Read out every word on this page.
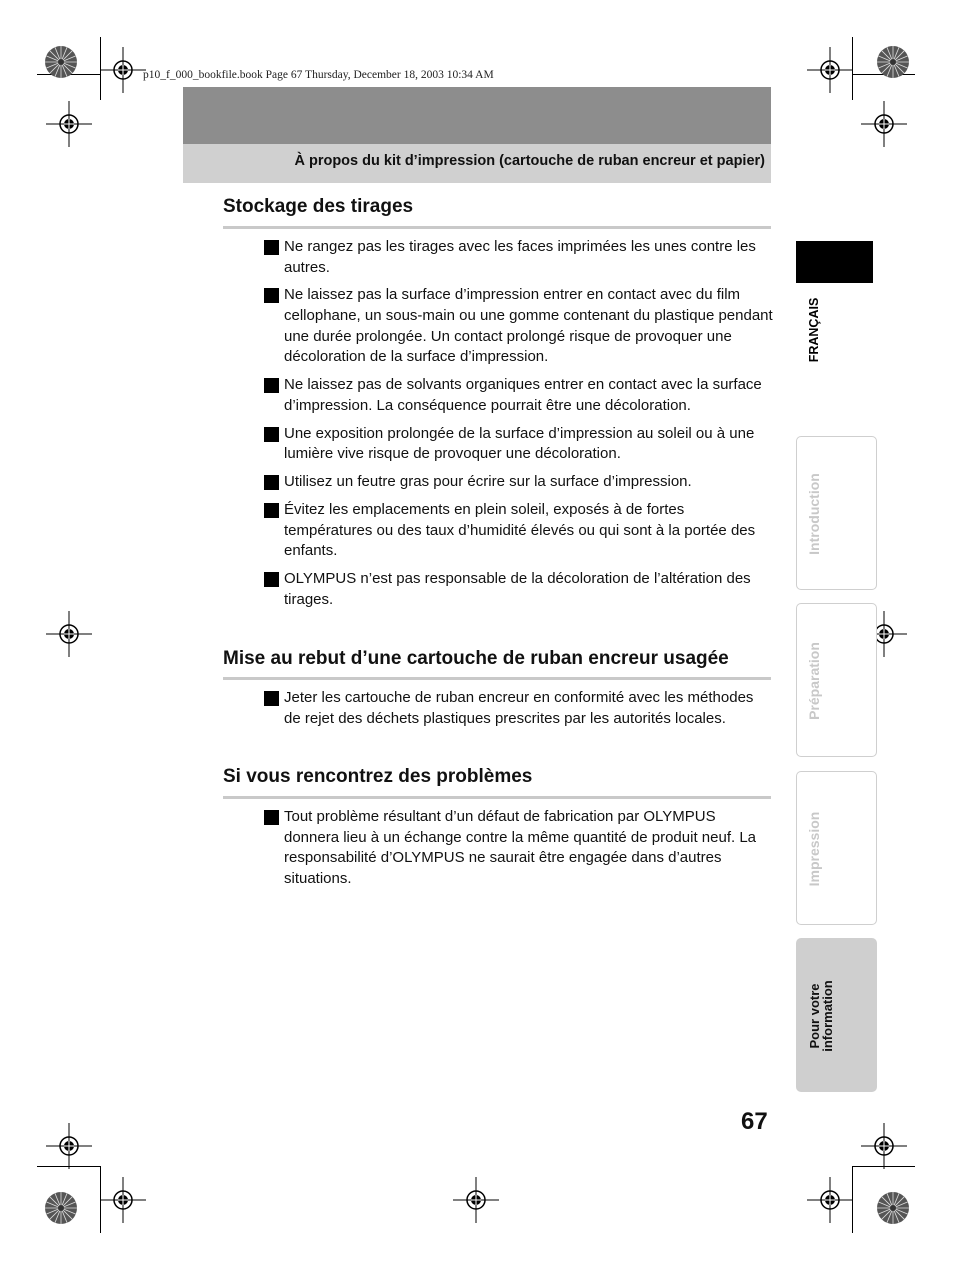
p10_f_000_bookfile.book Page 67 Thursday, December 18, 2003 10:34 AM
À propos du kit d’impression (cartouche de ruban encreur et papier)
Stockage des tirages
Ne rangez pas les tirages avec les faces imprimées les unes contre les autres.
Ne laissez pas la surface d’impression entrer en contact avec du film cellophane, un sous-main ou une gomme contenant du plastique pendant une durée prolongée. Un contact prolongé risque de provoquer une décoloration de la surface d’impression.
Ne laissez pas de solvants organiques entrer en contact avec la surface d’impression. La conséquence pourrait être une décoloration.
Une exposition prolongée de la surface d’impression au soleil ou à une lumière vive risque de provoquer une décoloration.
Utilisez un feutre gras pour écrire sur la surface d’impression.
Évitez les emplacements en plein soleil, exposés à de fortes températures ou des taux d’humidité élevés ou qui sont à la portée des enfants.
OLYMPUS n’est pas responsable de la décoloration de l’altération des tirages.
Mise au rebut d’une cartouche de ruban encreur usagée
Jeter les cartouche de ruban encreur en conformité avec les méthodes de rejet des déchets plastiques prescrites par les autorités locales.
Si vous rencontrez des problèmes
Tout problème résultant d’un défaut de fabrication par OLYMPUS donnera lieu à un échange contre la même quantité de produit neuf. La responsabilité d’OLYMPUS ne saurait être engagée dans d’autres situations.
FRANÇAIS
Introduction
Préparation
Impression
Pour votre
information
67
